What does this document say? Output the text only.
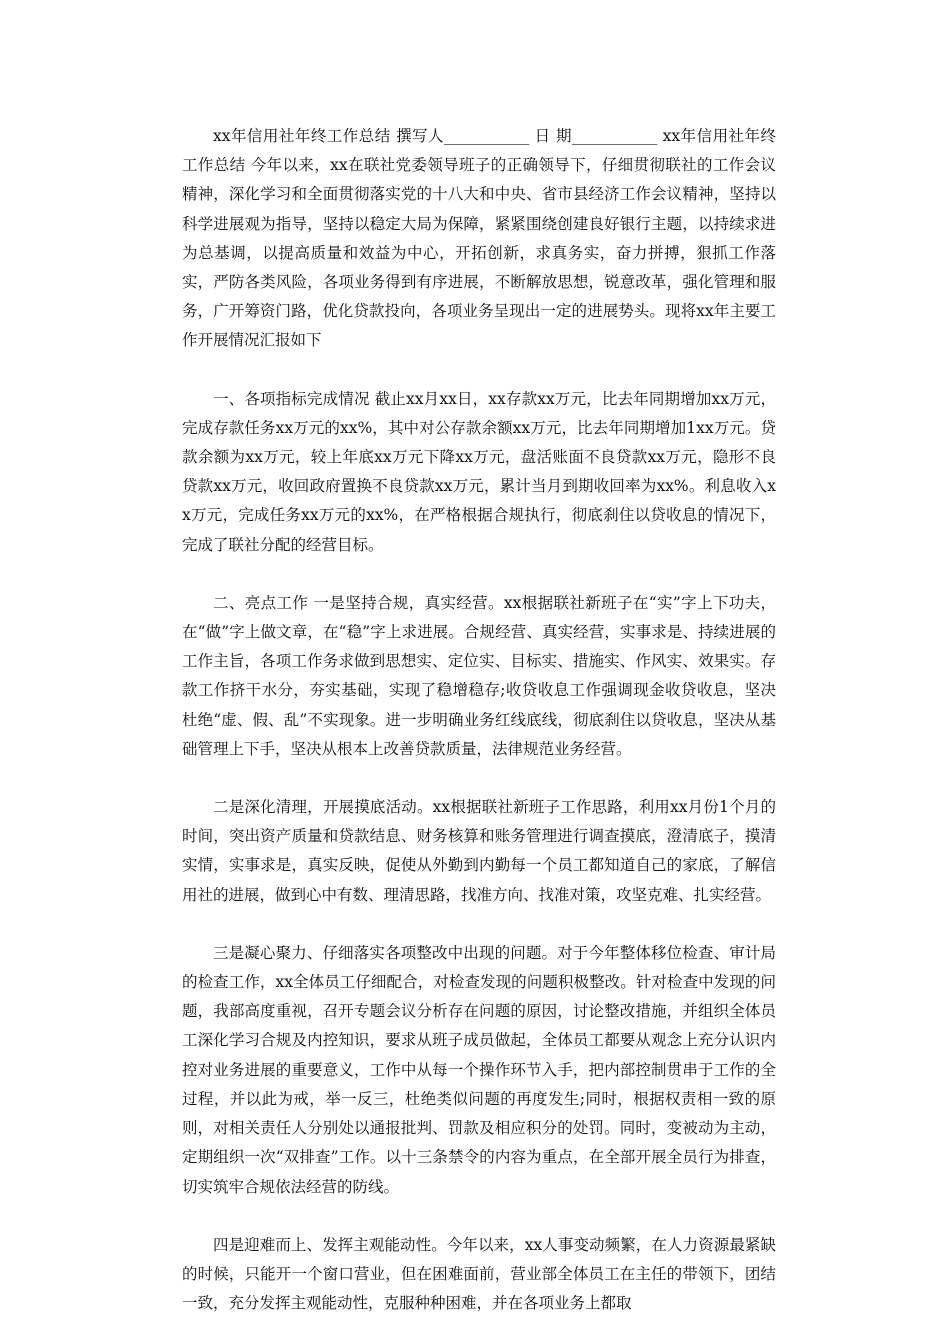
xx年信用社年终工作总结 撰写人___________ 日 期___________ xx年信用社年终工作总结 今年以来，xx在联社党委领导班子的正确领导下，仔细贯彻联社的工作会议精神，深化学习和全面贯彻落实党的十八大和中央、省市县经济工作会议精神，坚持以科学进展观为指导，坚持以稳定大局为保障，紧紧围绕创建良好银行主题，以持续求进为总基调，以提高质量和效益为中心，开拓创新，求真务实，奋力拼搏，狠抓工作落实，严防各类风险，各项业务得到有序进展，不断解放思想，锐意改革，强化管理和服务，广开筹资门路，优化贷款投向，各项业务呈现出一定的进展势头。现将xx年主要工作开展情况汇报如下

一、各项指标完成情况 截止xx月xx日，xx存款xx万元，比去年同期增加xx万元，完成存款任务xx万元的xx%，其中对公存款余额xx万元，比去年同期增加1xx万元。贷款余额为xx万元，较上年底xx万元下降xx万元，盘活账面不良贷款xx万元，隐形不良贷款xx万元，收回政府置换不良贷款xx万元，累计当月到期收回率为xx%。利息收入xx万元，完成任务xx万元的xx%，在严格根据合规执行，彻底刹住以贷收息的情况下，完成了联社分配的经营目标。

二、亮点工作 一是坚持合规，真实经营。xx根据联社新班子在“实”字上下功夫，在“做”字上做文章，在“稳”字上求进展。合规经营、真实经营，实事求是、持续进展的工作主旨，各项工作务求做到思想实、定位实、目标实、措施实、作风实、效果实。存款工作挤干水分，夯实基础，实现了稳增稳存;收贷收息工作强调现金收贷收息，坚决杜绝“虚、假、乱”不实现象。进一步明确业务红线底线，彻底刹住以贷收息，坚决从基础管理上下手，坚决从根本上改善贷款质量，法律规范业务经营。

二是深化清理，开展摸底活动。xx根据联社新班子工作思路，利用xx月份1个月的时间，突出资产质量和贷款结息、财务核算和账务管理进行调查摸底，澄清底子，摸清实情，实事求是，真实反映，促使从外勤到内勤每一个员工都知道自己的家底，了解信用社的进展，做到心中有数、理清思路，找准方向、找准对策，攻坚克难、扎实经营。

三是凝心聚力、仔细落实各项整改中出现的问题。对于今年整体移位检查、审计局的检查工作，xx全体员工仔细配合，对检查发现的问题积极整改。针对检查中发现的问题，我部高度重视，召开专题会议分析存在问题的原因，讨论整改措施，并组织全体员工深化学习合规及内控知识，要求从班子成员做起，全体员工都要从观念上充分认识内控对业务进展的重要意义，工作中从每一个操作环节入手，把内部控制贯串于工作的全过程，并以此为戒，举一反三，杜绝类似问题的再度发生;同时，根据权责相一致的原则，对相关责任人分别处以通报批判、罚款及相应积分的处罚。同时，变被动为主动，定期组织一次“双排查”工作。以十三条禁令的内容为重点，在全部开展全员行为排查，切实筑牢合规依法经营的防线。

四是迎难而上、发挥主观能动性。今年以来，xx人事变动频繁，在人力资源最紧缺的时候，只能开一个窗口营业，但在困难面前，营业部全体员工在主任的带领下，团结一致，充分发挥主观能动性，克服种种困难，并在各项业务上都取
